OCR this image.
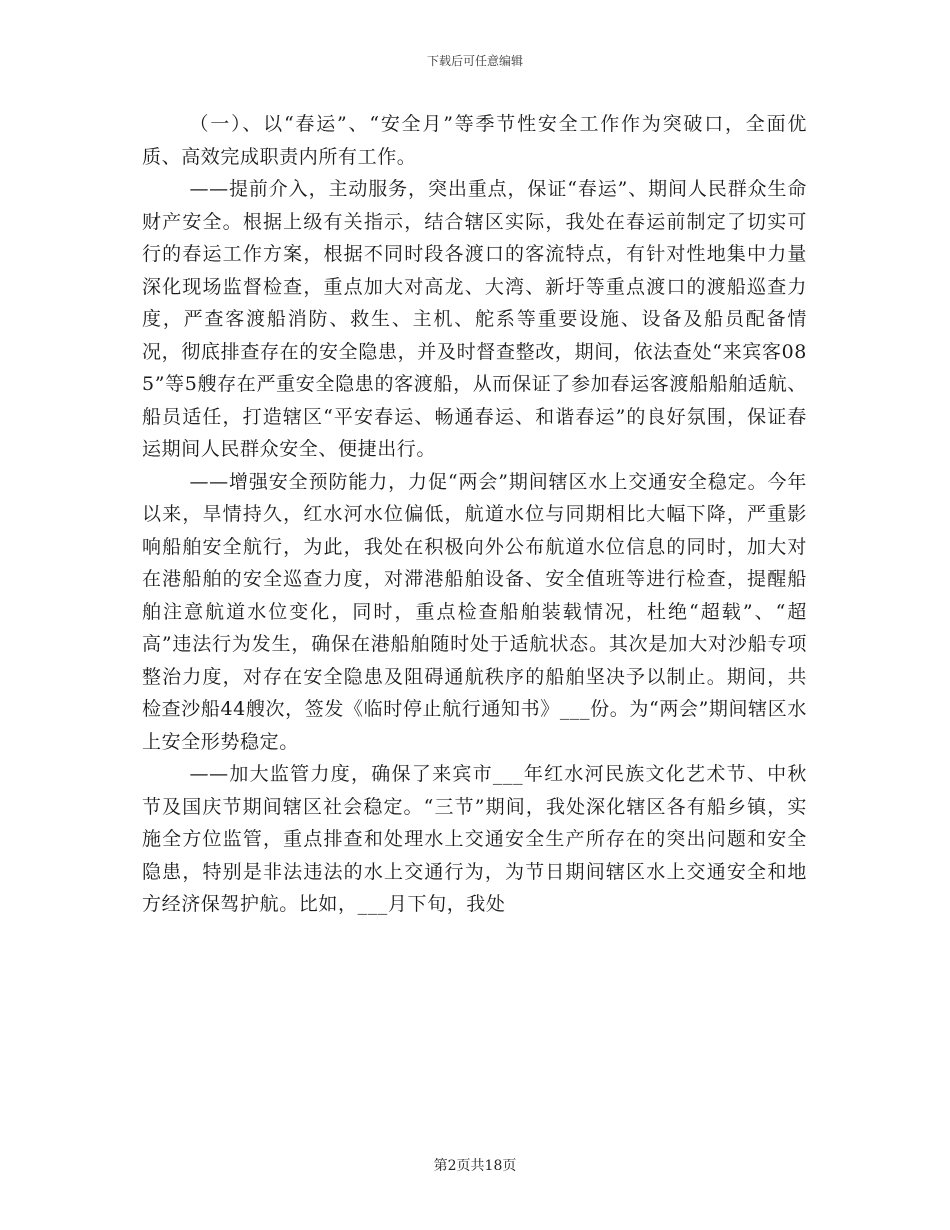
下载后可任意编辑

（一）、以“春运”、“安全月”等季节性安全工作作为突破口，全面优质、高效完成职责内所有工作。

——提前介入，主动服务，突出重点，保证“春运”、期间人民群众生命财产安全。根据上级有关指示，结合辖区实际，我处在春运前制定了切实可行的春运工作方案，根据不同时段各渡口的客流特点，有针对性地集中力量深化现场监督检查，重点加大对高龙、大湾、新圩等重点渡口的渡船巡查力度，严查客渡船消防、救生、主机、舵系等重要设施、设备及船员配备情况，彻底排查存在的安全隐患，并及时督查整改，期间，依法查处“来宾客085”等5艘存在严重安全隐患的客渡船，从而保证了参加春运客渡船船舶适航、船员适任，打造辖区“平安春运、畅通春运、和谐春运”的良好氛围，保证春运期间人民群众安全、便捷出行。

——增强安全预防能力，力促“两会”期间辖区水上交通安全稳定。今年以来，旱情持久，红水河水位偏低，航道水位与同期相比大幅下降，严重影响船舶安全航行，为此，我处在积极向外公布航道水位信息的同时，加大对在港船舶的安全巡查力度，对滞港船舶设备、安全值班等进行检查，提醒船舶注意航道水位变化，同时，重点检查船舶装载情况，杜绝“超载”、“超高”违法行为发生，确保在港船舶随时处于适航状态。其次是加大对沙船专项整治力度，对存在安全隐患及阻碍通航秩序的船舶坚决予以制止。期间，共检查沙船44艘次，签发《临时停止航行通知书》___份。为“两会”期间辖区水上安全形势稳定。

——加大监管力度，确保了来宾市___年红水河民族文化艺术节、中秋节及国庆节期间辖区社会稳定。“三节”期间，我处深化辖区各有船乡镇，实施全方位监管，重点排查和处理水上交通安全生产所存在的突出问题和安全隐患，特别是非法违法的水上交通行为，为节日期间辖区水上交通安全和地方经济保驾护航。比如，___月下旬，我处

第2页共18页
